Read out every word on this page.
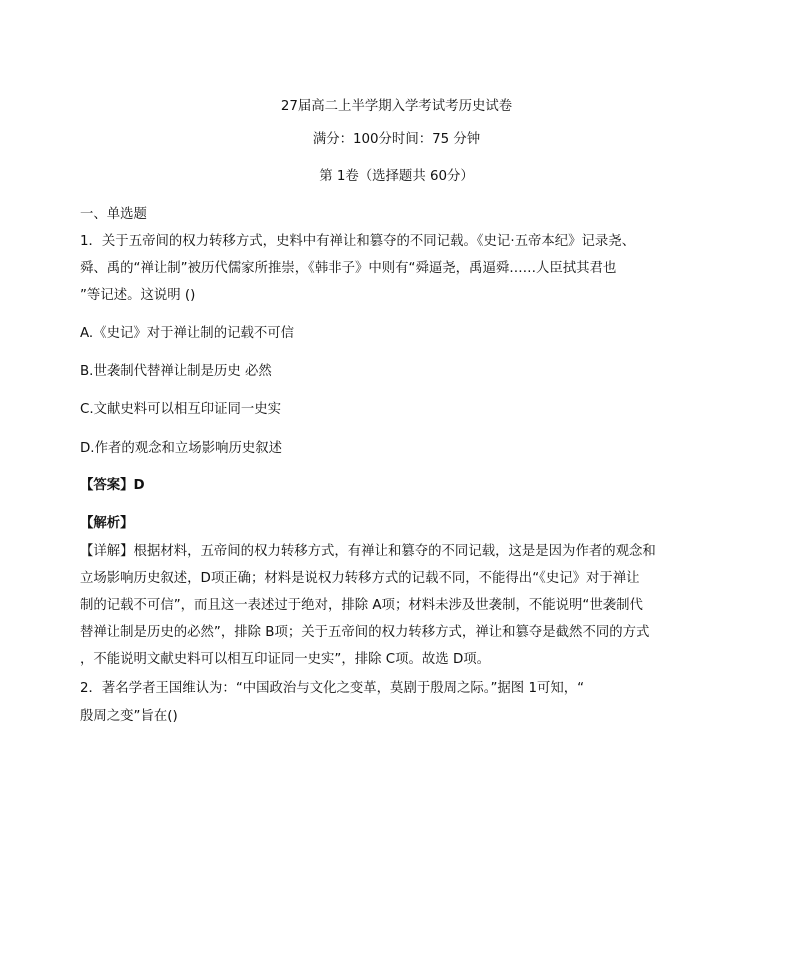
27届高二上半学期入学考试考历史试卷
满分：100分时间：75 分钟
第 1卷（选择题共 60分）
一、单选题
1．关于五帝间的权力转移方式，史料中有禅让和篡夺的不同记载。《史记·五帝本纪》记录尧、
舜、禹的“禅让制”被历代儒家所推崇，《韩非子》中则有“舜逼尧，禹逼舜……人臣拭其君也
”等记述。这说明 ()
A.《史记》对于禅让制的记载不可信
B.世袭制代替禅让制是历史 必然
C.文献史料可以相互印证同一史实
D.作者的观念和立场影响历史叙述
【答案】D
【解析】
【详解】根据材料，五帝间的权力转移方式，有禅让和篡夺的不同记载，这是是因为作者的观念和
立场影响历史叙述，D项正确；材料是说权力转移方式的记载不同，不能得出“《史记》对于禅让
制的记载不可信”，而且这一表述过于绝对，排除 A项；材料未涉及世袭制，不能说明“世袭制代
替禅让制是历史的必然”，排除 B项；关于五帝间的权力转移方式，禅让和篡夺是截然不同的方式
，不能说明文献史料可以相互印证同一史实”，排除 C项。故选 D项。
2．著名学者王国维认为：“中国政治与文化之变革，莫剧于殷周之际。”据图 1可知，“
殷周之变”旨在()
